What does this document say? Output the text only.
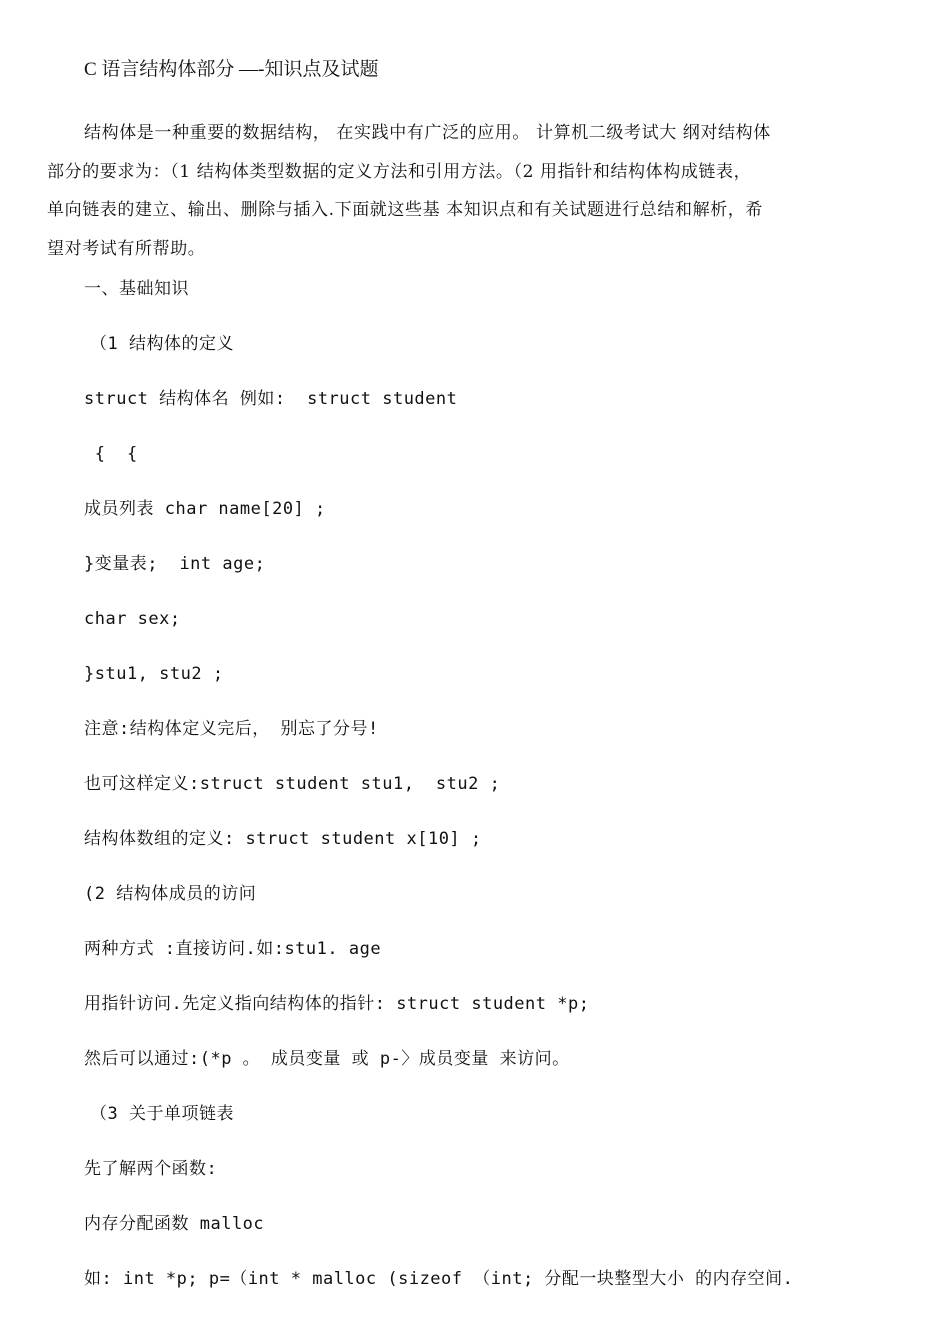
C 语言结构体部分 —-知识点及试题
结构体是一种重要的数据结构， 在实践中有广泛的应用。 计算机二级考试大 纲对结构体
部分的要求为：（1 结构体类型数据的定义方法和引用方法。（2 用指针和结构体构成链表，
单向链表的建立、输出、删除与插入.下面就这些基 本知识点和有关试题进行总结和解析，希
望对考试有所帮助。
一、基础知识
（1 结构体的定义
struct 结构体名 例如:  struct student
{  {
成员列表 char name[20] ;
}变量表;  int age;
char sex;
}stu1, stu2 ;
注意:结构体定义完后， 别忘了分号!
也可这样定义:struct student stu1,  stu2 ;
结构体数组的定义: struct student x[10] ;
(2 结构体成员的访问
两种方式 :直接访问.如:stu1. age
用指针访问.先定义指向结构体的指针: struct student *p;
然后可以通过:(*p 。 成员变量 或 p-〉成员变量 来访问。
（3 关于单项链表
先了解两个函数:
内存分配函数 malloc
如: int *p; p=（int * malloc (sizeof （int; 分配一块整型大小 的内存空间.
